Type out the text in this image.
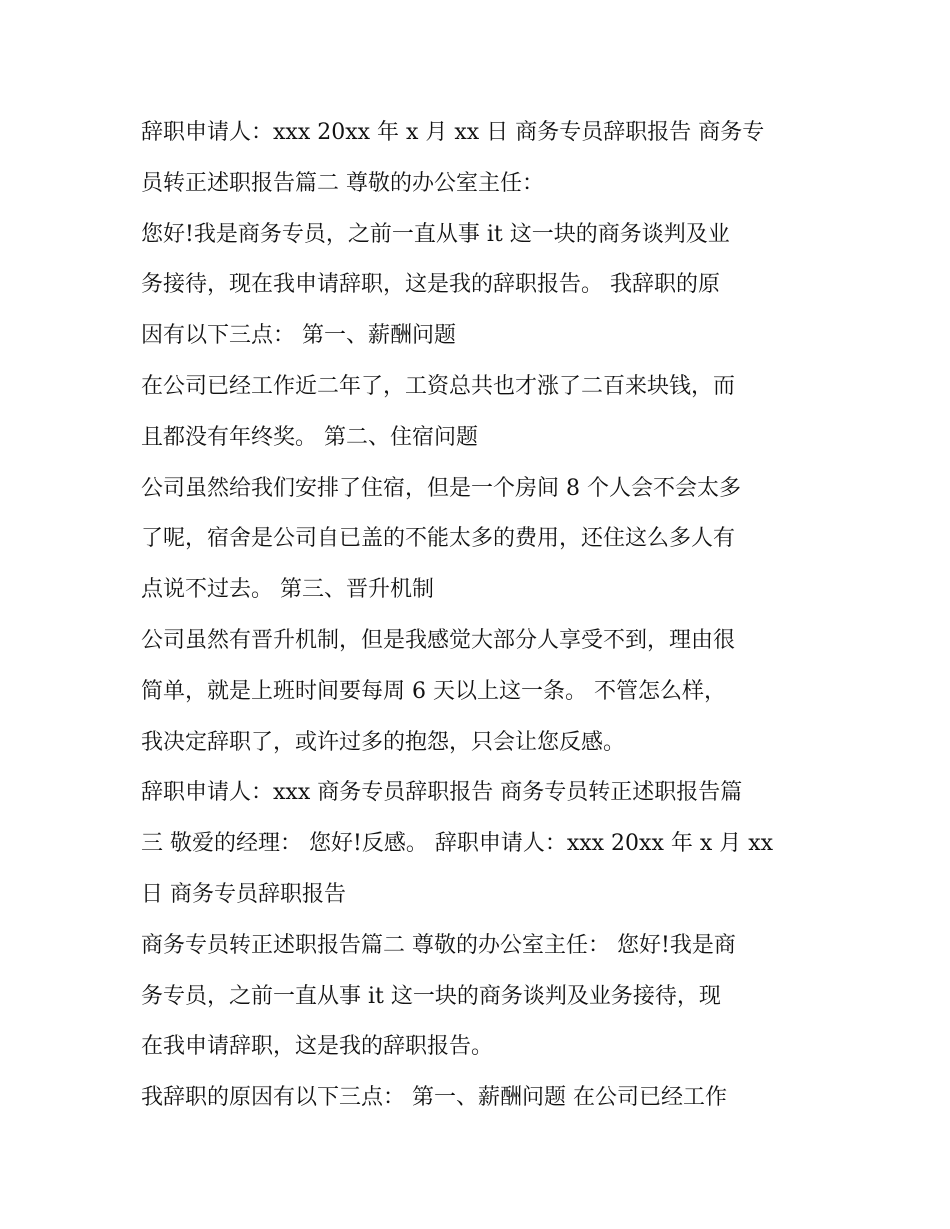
辞职申请人：xxx 20xx 年 x 月 xx 日 商务专员辞职报告 商务专
员转正述职报告篇二 尊敬的办公室主任：
您好!我是商务专员，之前一直从事 it 这一块的商务谈判及业
务接待，现在我申请辞职，这是我的辞职报告。 我辞职的原
因有以下三点： 第一、薪酬问题
在公司已经工作近二年了，工资总共也才涨了二百来块钱，而
且都没有年终奖。 第二、住宿问题
公司虽然给我们安排了住宿，但是一个房间 8 个人会不会太多
了呢，宿舍是公司自已盖的不能太多的费用，还住这么多人有
点说不过去。 第三、晋升机制
公司虽然有晋升机制，但是我感觉大部分人享受不到，理由很
简单，就是上班时间要每周 6 天以上这一条。 不管怎么样，
我决定辞职了，或许过多的抱怨，只会让您反感。
辞职申请人：xxx 商务专员辞职报告 商务专员转正述职报告篇
三 敬爱的经理： 您好!反感。 辞职申请人：xxx 20xx 年 x 月 xx
日 商务专员辞职报告
商务专员转正述职报告篇二 尊敬的办公室主任： 您好!我是商
务专员，之前一直从事 it 这一块的商务谈判及业务接待，现
在我申请辞职，这是我的辞职报告。
我辞职的原因有以下三点： 第一、薪酬问题 在公司已经工作
